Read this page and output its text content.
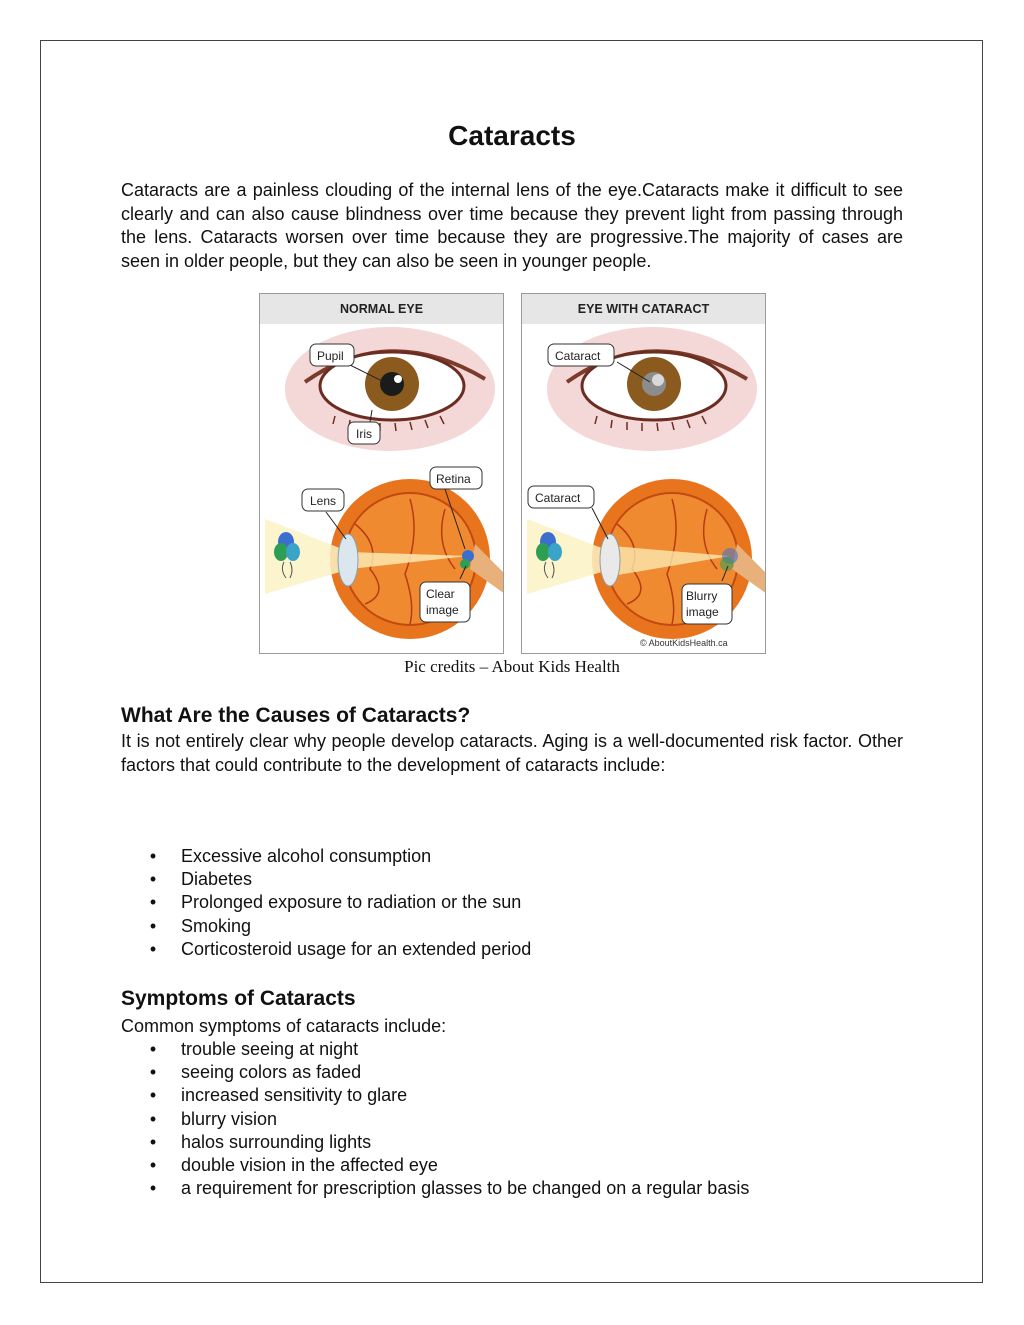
Cataracts

Cataracts are a painless clouding of the internal lens of the eye.Cataracts make it difficult to see clearly and can also cause blindness over time because they prevent light from passing through the lens. Cataracts worsen over time because they are progressive.The majority of cases are seen in older people, but they can also be seen in younger people.

NORMAL EYE
Pupil
Iris
Lens
Retina
Clear
image
EYE WITH CATARACT
Cataract
Cataract
Blurry
image
© AboutKidsHealth.ca

Pic credits – About Kids Health

What Are the Causes of Cataracts?

It is not entirely clear why people develop cataracts. Aging is a well-documented risk factor. Other factors that could contribute to the development of cataracts include:

• Excessive alcohol consumption
• Diabetes
• Prolonged exposure to radiation or the sun
• Smoking
• Corticosteroid usage for an extended period
Symptoms of Cataracts

Common symptoms of cataracts include:

• trouble seeing at night
• seeing colors as faded
• increased sensitivity to glare
• blurry vision
• halos surrounding lights
• double vision in the affected eye
• a requirement for prescription glasses to be changed on a regular basis
